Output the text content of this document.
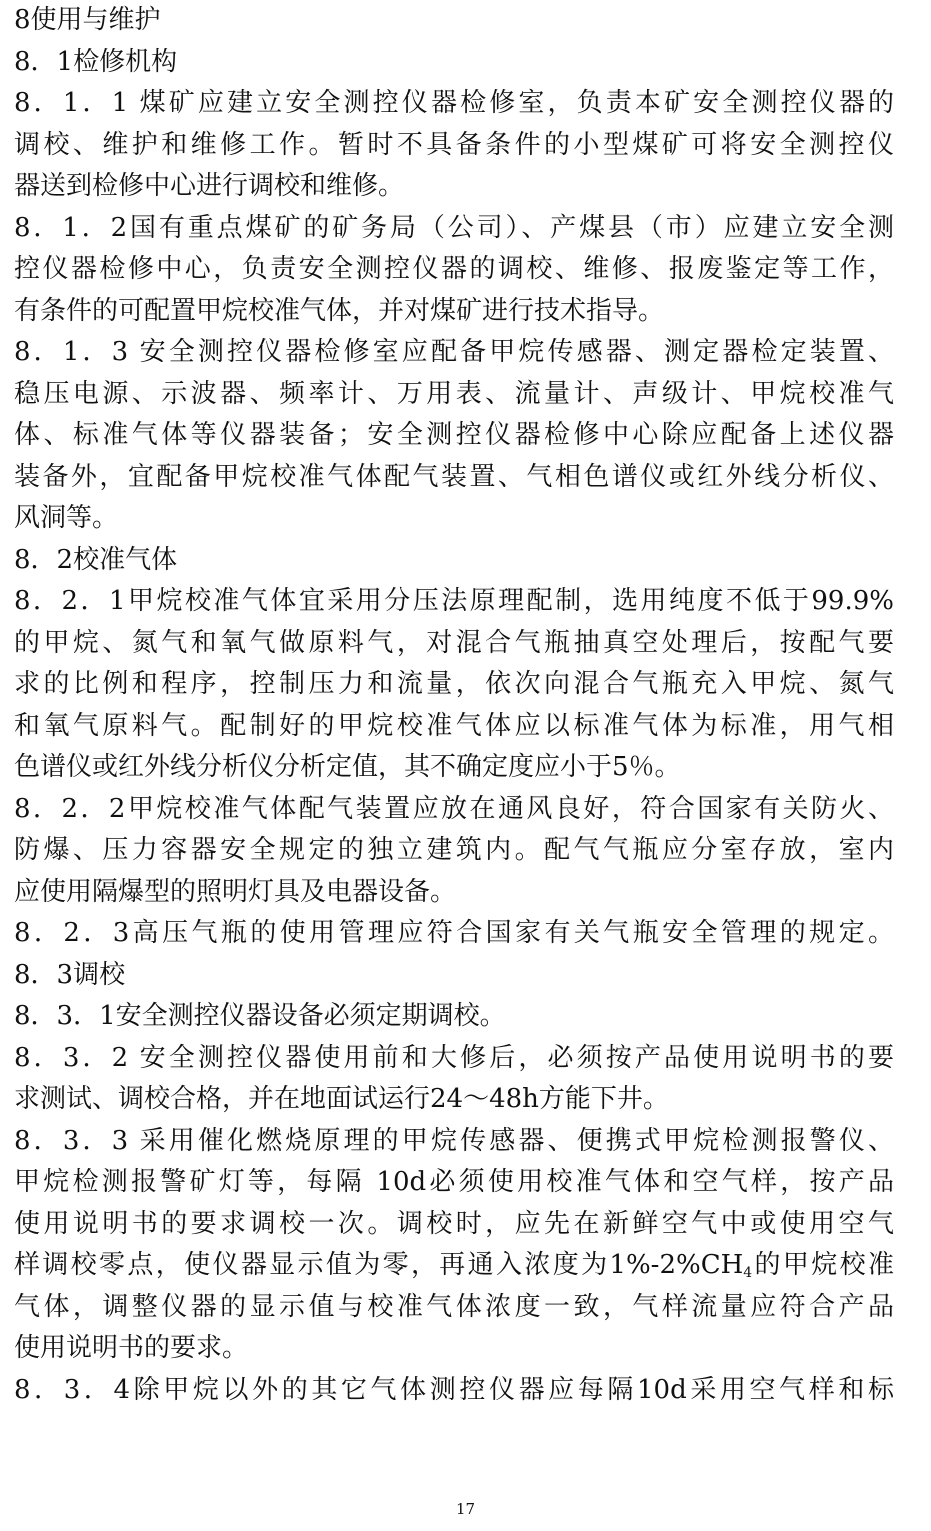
8使用与维护
8．1检修机构
8．1．1 煤矿应建立安全测控仪器检修室，负责本矿安全测控仪器的
调校、维护和维修工作。暂时不具备条件的小型煤矿可将安全测控仪
器送到检修中心进行调校和维修。
8．1．2国有重点煤矿的矿务局（公司）、产煤县（市）应建立安全测
控仪器检修中心，负责安全测控仪器的调校、维修、报废鉴定等工作，
有条件的可配置甲烷校准气体，并对煤矿进行技术指导。
8．1．3 安全测控仪器检修室应配备甲烷传感器、测定器检定装置、
稳压电源、示波器、频率计、万用表、流量计、声级计、甲烷校准气
体、标准气体等仪器装备；安全测控仪器检修中心除应配备上述仪器
装备外，宜配备甲烷校准气体配气装置、气相色谱仪或红外线分析仪、
风洞等。
8．2校准气体
8．2．1甲烷校准气体宜采用分压法原理配制，选用纯度不低于99.9%
的甲烷、氮气和氧气做原料气，对混合气瓶抽真空处理后，按配气要
求的比例和程序，控制压力和流量，依次向混合气瓶充入甲烷、氮气
和氧气原料气。配制好的甲烷校准气体应以标准气体为标准，用气相
色谱仪或红外线分析仪分析定值，其不确定度应小于5％。
8．2．2甲烷校准气体配气装置应放在通风良好，符合国家有关防火、
防爆、压力容器安全规定的独立建筑内。配气气瓶应分室存放，室内
应使用隔爆型的照明灯具及电器设备。
8．2．3高压气瓶的使用管理应符合国家有关气瓶安全管理的规定。
8．3调校
8．3．1安全测控仪器设备必须定期调校。
8．3．2 安全测控仪器使用前和大修后，必须按产品使用说明书的要
求测试、调校合格，并在地面试运行24～48h方能下井。
8．3．3 采用催化燃烧原理的甲烷传感器、便携式甲烷检测报警仪、
甲烷检测报警矿灯等，每隔 10d必须使用校准气体和空气样，按产品
使用说明书的要求调校一次。调校时，应先在新鲜空气中或使用空气
样调校零点，使仪器显示值为零，再通入浓度为$1\%-2\%CH_4$的甲烷校准
气体，调整仪器的显示值与校准气体浓度一致，气样流量应符合产品
使用说明书的要求。
8．3．4除甲烷以外的其它气体测控仪器应每隔10d采用空气样和标
17
